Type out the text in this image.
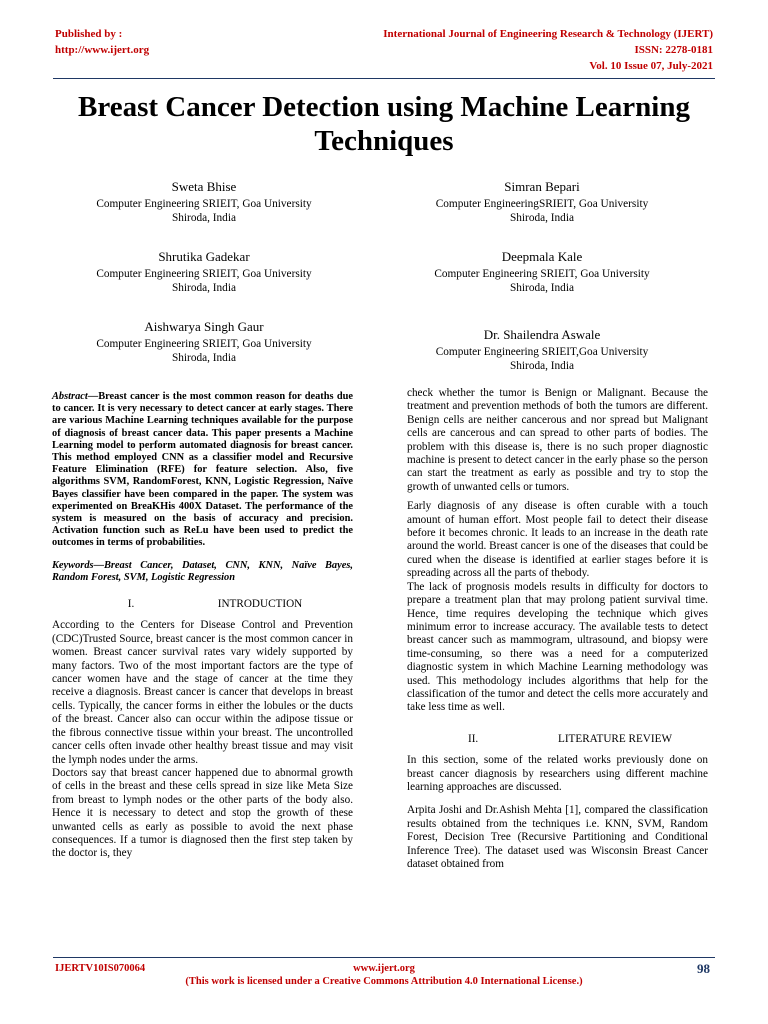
Published by :
http://www.ijert.org
International Journal of Engineering Research & Technology (IJERT)
ISSN: 2278-0181
Vol. 10 Issue 07, July-2021
Breast Cancer Detection using Machine Learning Techniques
Sweta Bhise
Computer Engineering SRIEIT, Goa University
Shiroda, India
Simran Bepari
Computer EngineeringSRIEIT, Goa University
Shiroda, India
Shrutika Gadekar
Computer Engineering SRIEIT, Goa University
Shiroda, India
Deepmala Kale
Computer Engineering SRIEIT, Goa University
Shiroda, India
Aishwarya Singh Gaur
Computer Engineering SRIEIT, Goa University
Shiroda, India
Dr. Shailendra Aswale
Computer Engineering SRIEIT,Goa University
Shiroda, India

Abstract—Breast cancer is the most common reason for deaths due to cancer. It is very necessary to detect cancer at early stages. There are various Machine Learning techniques available for the purpose of diagnosis of breast cancer data. This paper presents a Machine Learning model to perform automated diagnosis for breast cancer. This method employed CNN as a classifier model and Recursive Feature Elimination (RFE) for feature selection. Also, five algorithms SVM, RandomForest, KNN, Logistic Regression, Naïve Bayes classifier have been compared in the paper. The system was experimented on BreaKHis 400X Dataset. The performance of the system is measured on the basis of accuracy and precision. Activation function such as ReLu have been used to predict the outcomes in terms of probabilities.

Keywords—Breast Cancer, Dataset, CNN, KNN, Naïve Bayes, Random Forest, SVM, Logistic Regression

I.	INTRODUCTION

According to the Centers for Disease Control and Prevention (CDC)Trusted Source, breast cancer is the most common cancer in women. Breast cancer survival rates vary widely supported by many factors. Two of the most important factors are the type of cancer women have and the stage of cancer at the time they receive a diagnosis. Breast cancer is cancer that develops in breast cells. Typically, the cancer forms in either the lobules or the ducts of the breast. Cancer also can occur within the adipose tissue or the fibrous connective tissue within your breast. The uncontrolled cancer cells often invade other healthy breast tissue and may visit the lymph nodes under the arms.

Doctors say that breast cancer happened due to abnormal growth of cells in the breast and these cells spread in size like Meta Size from breast to lymph nodes or the other parts of the body also. Hence it is necessary to detect and stop the growth of these unwanted cells as early as possible to avoid the next phase consequences. If a tumor is diagnosed then the first step taken by the doctor is, they

check whether the tumor is Benign or Malignant. Because the treatment and prevention methods of both the tumors are different. Benign cells are neither cancerous and nor spread but Malignant cells are cancerous and can spread to other parts of bodies. The problem with this disease is, there is no such proper diagnostic machine is present to detect cancer in the early phase so the person can start the treatment as early as possible and try to stop the growth of unwanted cells or tumors.

Early diagnosis of any disease is often curable with a touch amount of human effort. Most people fail to detect their disease before it becomes chronic. It leads to an increase in the death rate around the world. Breast cancer is one of the diseases that could be cured when the disease is identified at earlier stages before it is spreading across all the parts of thebody.

The lack of prognosis models results in difficulty for doctors to prepare a treatment plan that may prolong patient survival time. Hence, time requires developing the technique which gives minimum error to increase accuracy. The available tests to detect breast cancer such as mammogram, ultrasound, and biopsy were time-consuming, so there was a need for a computerized diagnostic system in which Machine Learning methodology was used. This methodology includes algorithms that help for the classification of the tumor and detect the cells more accurately and take less time as well.

II.	LITERATURE REVIEW

In this section, some of the related works previously done on breast cancer diagnosis by researchers using different machine learning approaches are discussed.

Arpita Joshi and Dr.Ashish Mehta [1], compared the classification results obtained from the techniques i.e. KNN, SVM, Random Forest, Decision Tree (Recursive Partitioning and Conditional Inference Tree). The dataset used was Wisconsin Breast Cancer dataset obtained from

IJERTV10IS070064	www.ijert.org	98
(This work is licensed under a Creative Commons Attribution 4.0 International License.)
